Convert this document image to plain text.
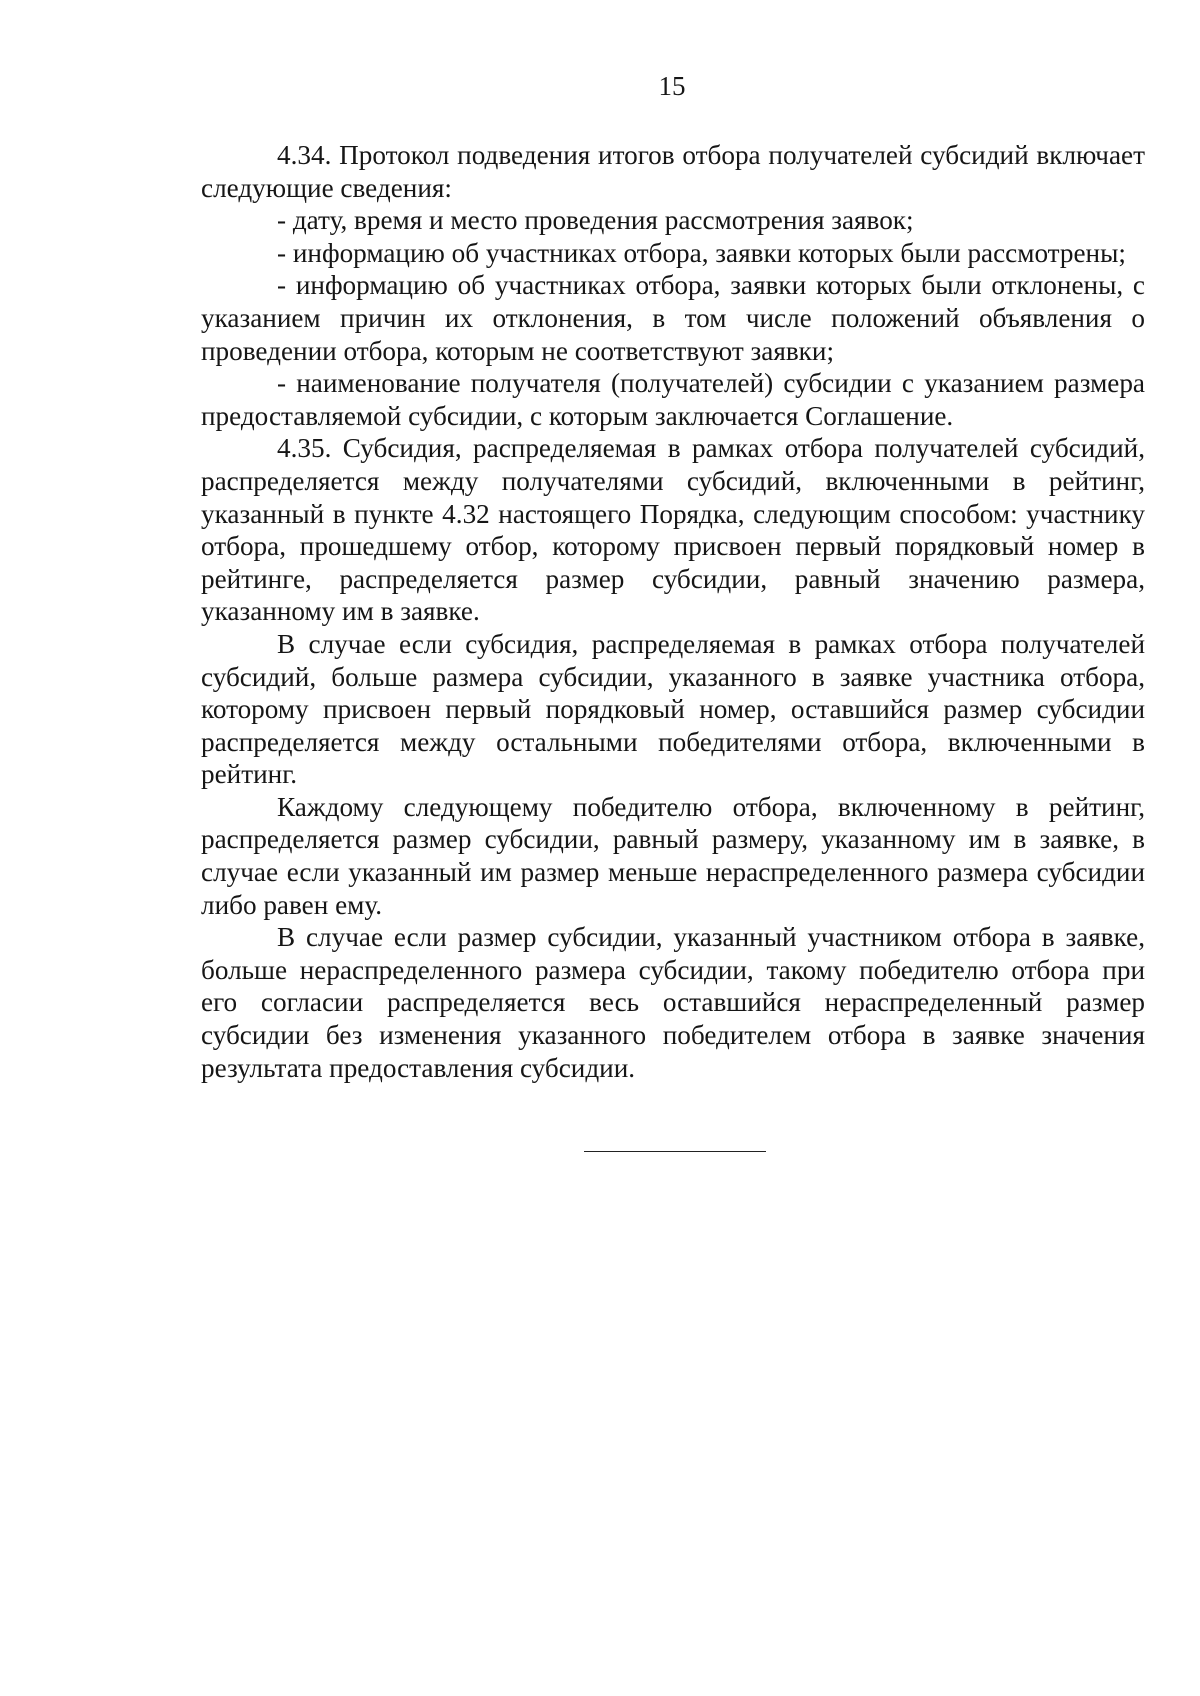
15

4.34. Протокол подведения итогов отбора получателей субсидий включает следующие сведения:

- дату, время и место проведения рассмотрения заявок;

- информацию об участниках отбора, заявки которых были рассмотрены;

- информацию об участниках отбора, заявки которых были отклонены, с указанием причин их отклонения, в том числе положений объявления о проведении отбора, которым не соответствуют заявки;

- наименование получателя (получателей) субсидии с указанием размера предоставляемой субсидии, с которым заключается Соглашение.

4.35. Субсидия, распределяемая в рамках отбора получателей субсидий, распределяется между получателями субсидий, включенными в рейтинг, указанный в пункте 4.32 настоящего Порядка, следующим способом: участнику отбора, прошедшему отбор, которому присвоен первый порядковый номер в рейтинге, распределяется размер субсидии, равный значению размера, указанному им в заявке.

В случае если субсидия, распределяемая в рамках отбора получателей субсидий, больше размера субсидии, указанного в заявке участника отбора, которому присвоен первый порядковый номер, оставшийся размер субсидии распределяется между остальными победителями отбора, включенными в рейтинг.

Каждому следующему победителю отбора, включенному в рейтинг, распределяется размер субсидии, равный размеру, указанному им в заявке, в случае если указанный им размер меньше нераспределенного размера субсидии либо равен ему.

В случае если размер субсидии, указанный участником отбора в заявке, больше нераспределенного размера субсидии, такому победителю отбора при его согласии распределяется весь оставшийся нераспределенный размер субсидии без изменения указанного победителем отбора в заявке значения результата предоставления субсидии.
